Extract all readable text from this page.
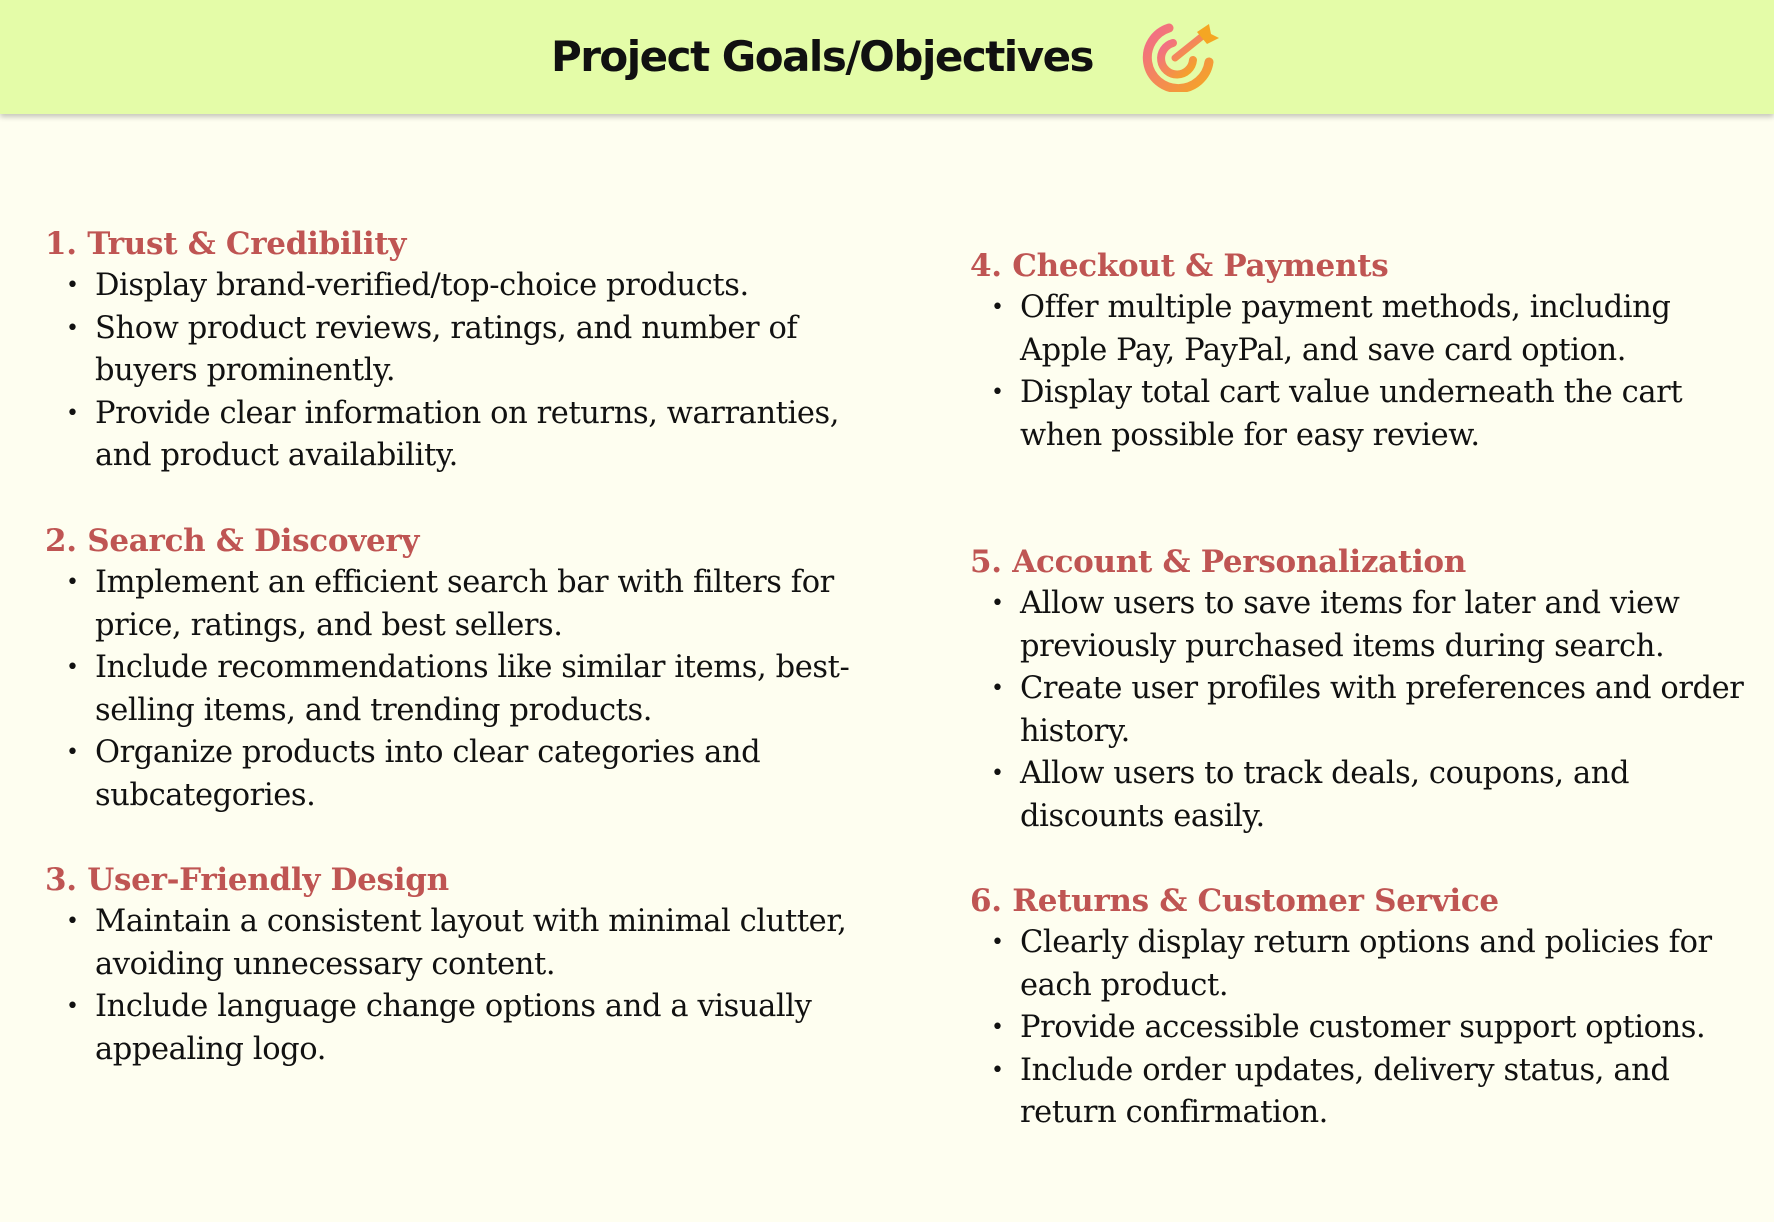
Project Goals/Objectives
1. Trust & Credibility
• Display brand-verified/top-choice products.
• Show product reviews, ratings, and number of buyers prominently.
• Provide clear information on returns, warranties, and product availability.
2. Search & Discovery
• Implement an efficient search bar with filters for price, ratings, and best sellers.
• Include recommendations like similar items, best-selling items, and trending products.
• Organize products into clear categories and subcategories.
3. User-Friendly Design
• Maintain a consistent layout with minimal clutter, avoiding unnecessary content.
• Include language change options and a visually appealing logo.
4. Checkout & Payments
• Offer multiple payment methods, including Apple Pay, PayPal, and save card option.
• Display total cart value underneath the cart when possible for easy review.
5. Account & Personalization
• Allow users to save items for later and view previously purchased items during search.
• Create user profiles with preferences and order history.
• Allow users to track deals, coupons, and discounts easily.
6. Returns & Customer Service
• Clearly display return options and policies for each product.
• Provide accessible customer support options.
• Include order updates, delivery status, and return confirmation.
